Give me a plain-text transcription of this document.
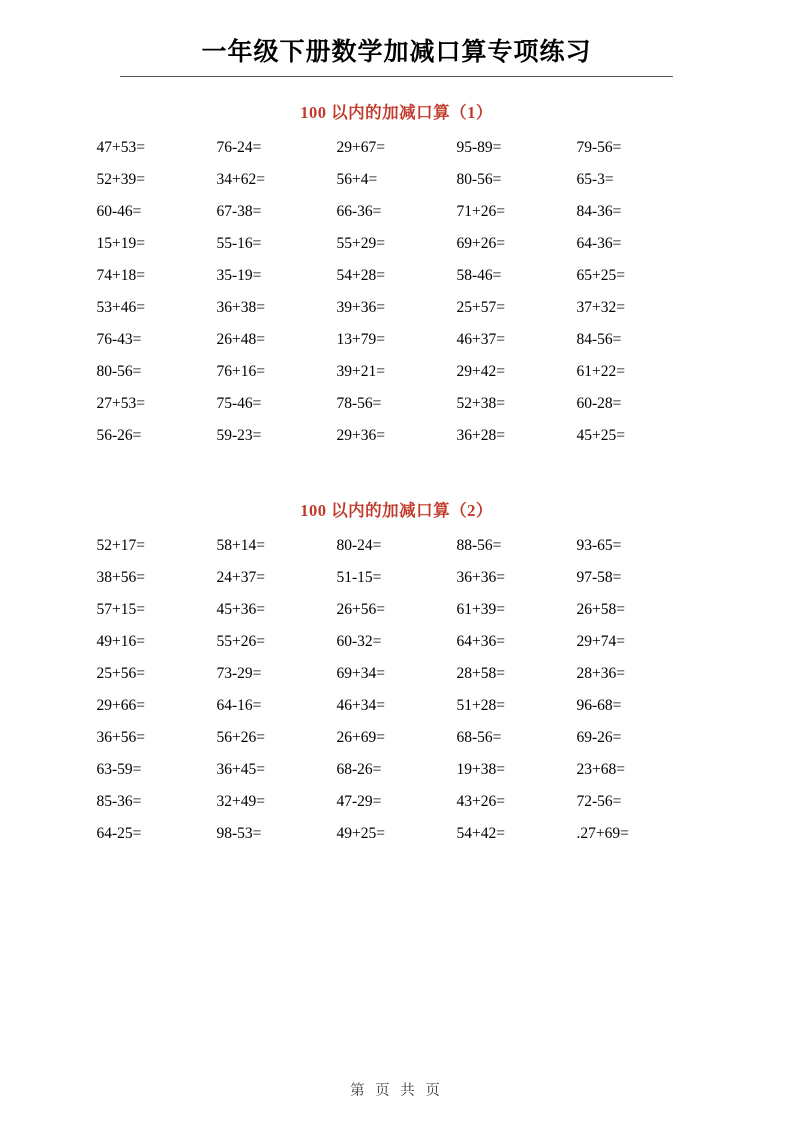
一年级下册数学加减口算专项练习
100 以内的加减口算（1）
47+53=	76-24=	29+67=	95-89=	79-56=
52+39=	34+62=	56+4=	80-56=	65-3=
60-46=	67-38=	66-36=	71+26=	84-36=
15+19=	55-16=	55+29=	69+26=	64-36=
74+18=	35-19=	54+28=	58-46=	65+25=
53+46=	36+38=	39+36=	25+57=	37+32=
76-43=	26+48=	13+79=	46+37=	84-56=
80-56=	76+16=	39+21=	29+42=	61+22=
27+53=	75-46=	78-56=	52+38=	60-28=
56-26=	59-23=	29+36=	36+28=	45+25=
100 以内的加减口算（2）
52+17=	58+14=	80-24=	88-56=	93-65=
38+56=	24+37=	51-15=	36+36=	97-58=
57+15=	45+36=	26+56=	61+39=	26+58=
49+16=	55+26=	60-32=	64+36=	29+74=
25+56=	73-29=	69+34=	28+58=	28+36=
29+66=	64-16=	46+34=	51+28=	96-68=
36+56=	56+26=	26+69=	68-56=	69-26=
63-59=	36+45=	68-26=	19+38=	23+68=
85-36=	32+49=	47-29=	43+26=	72-56=
64-25=	98-53=	49+25=	54+42=	.27+69=
第 页 共 页
